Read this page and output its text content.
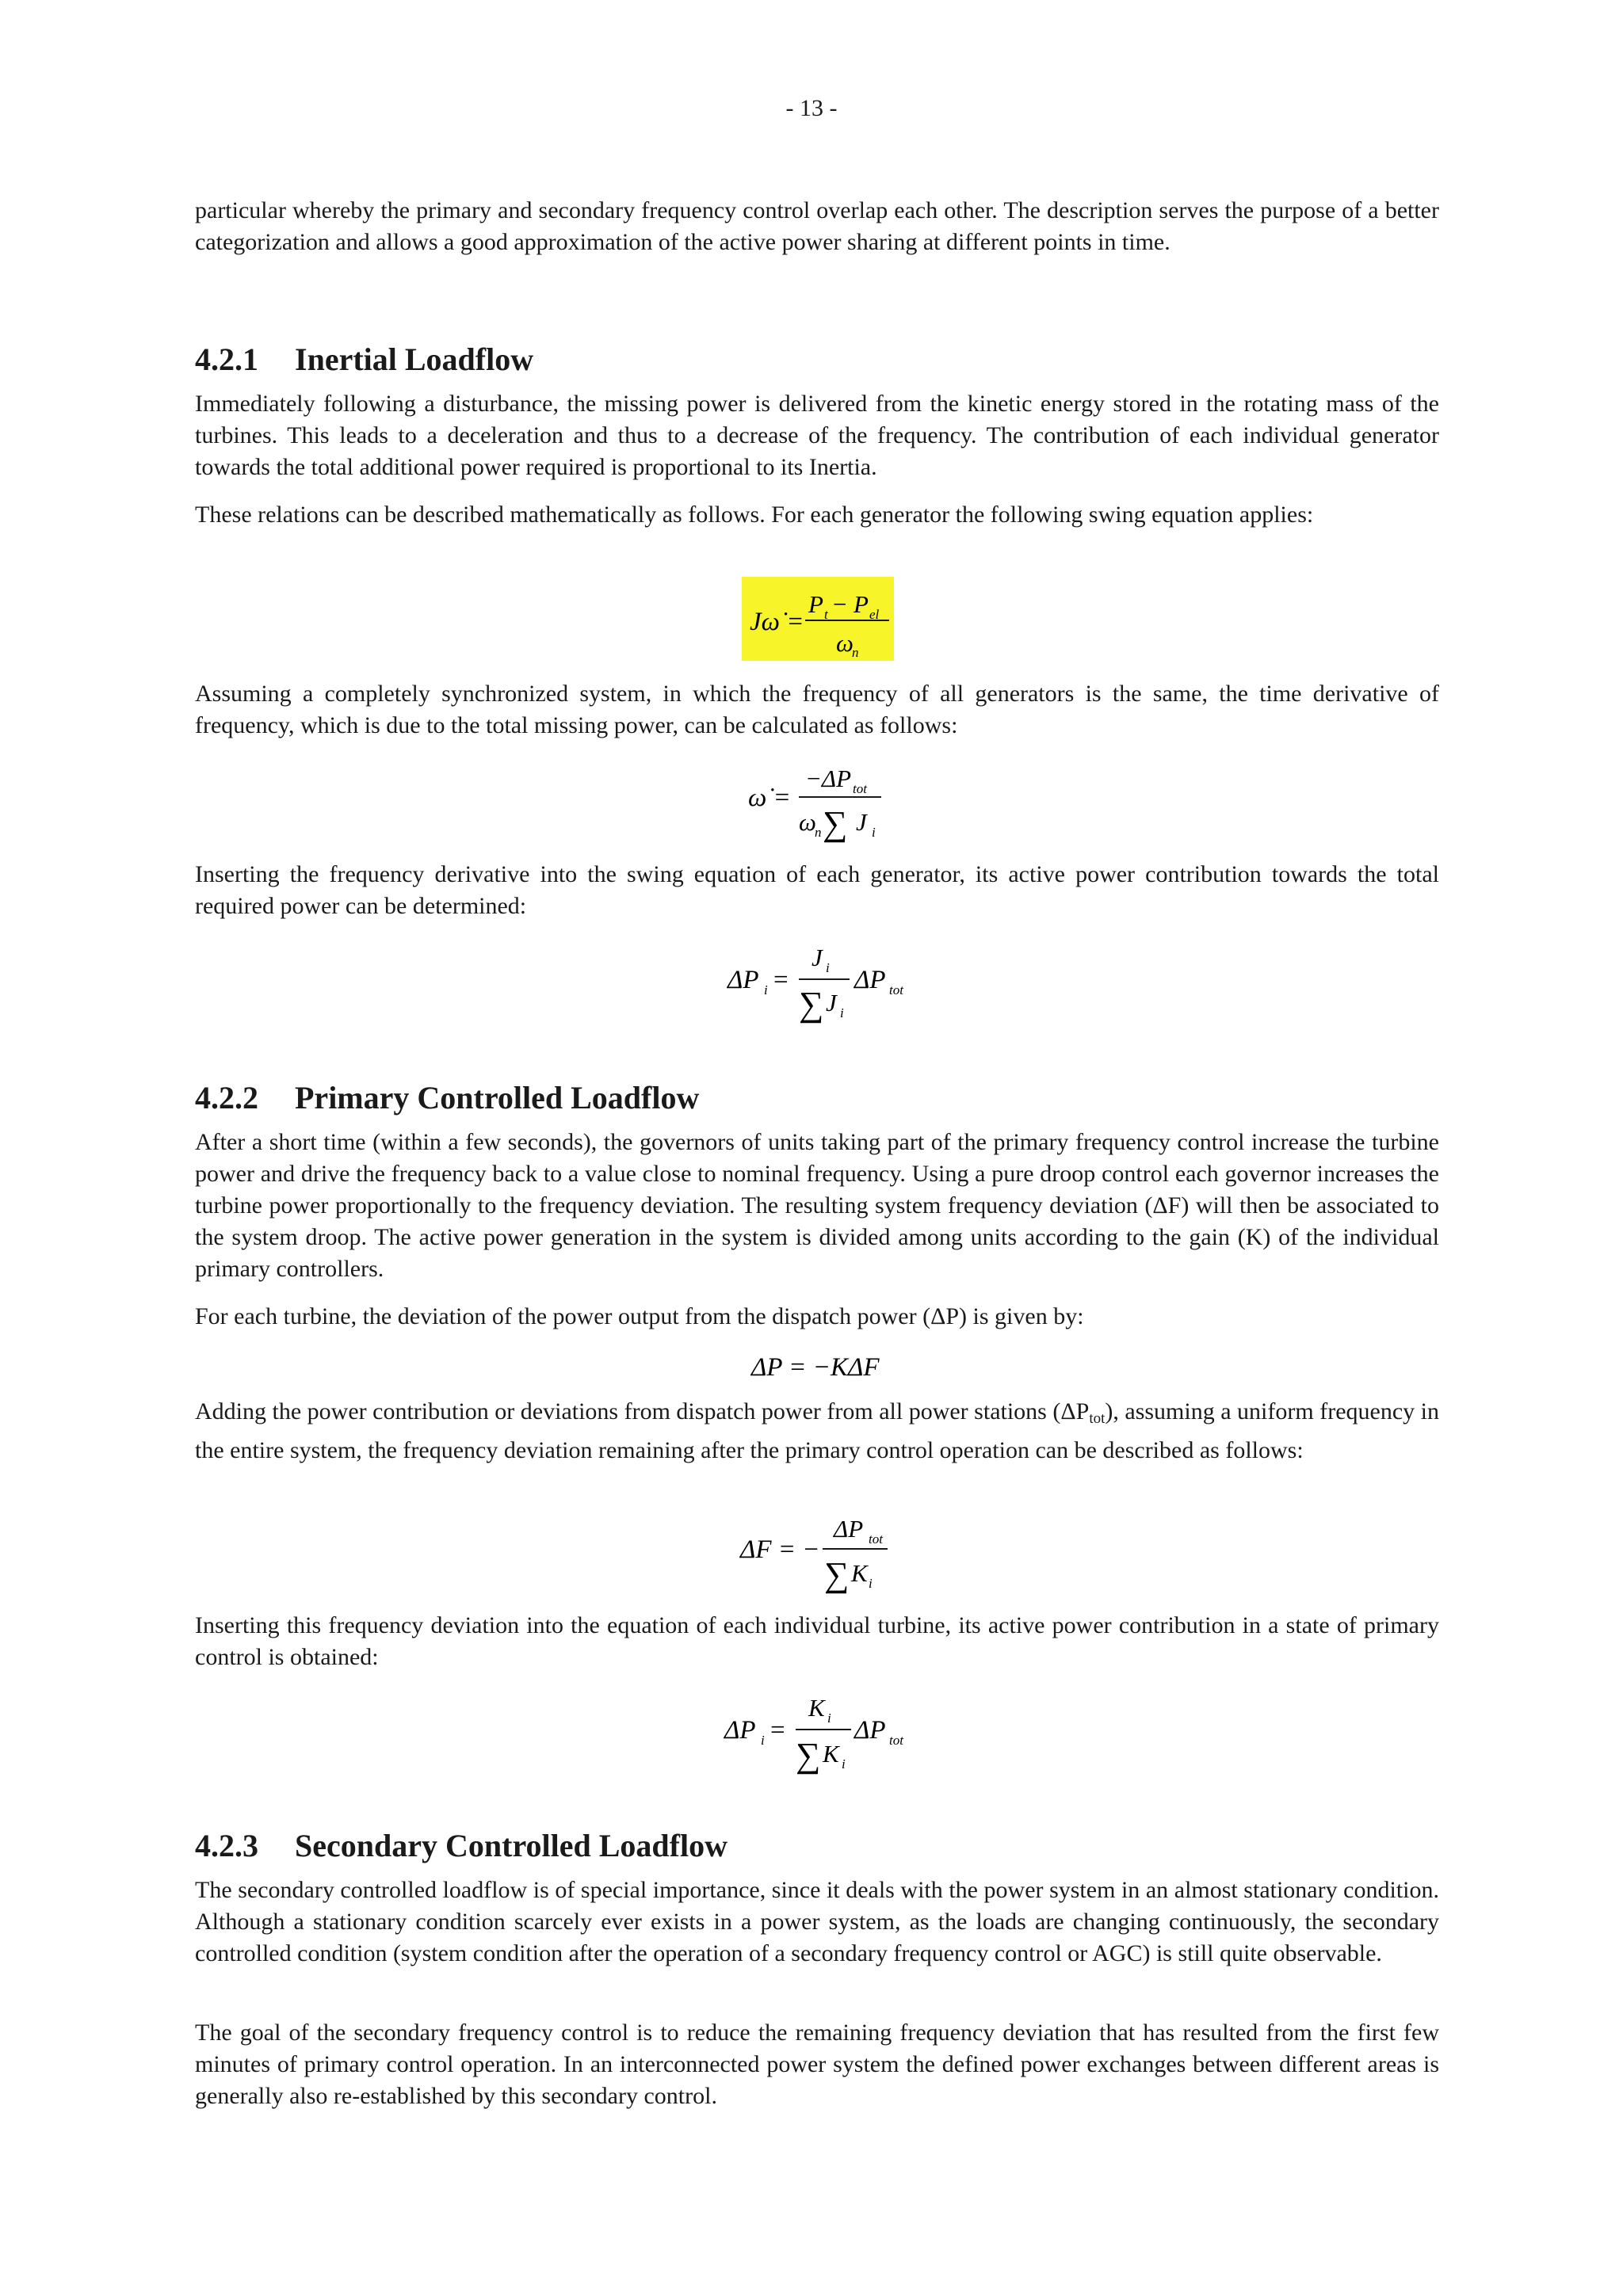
- 13 -

particular whereby the primary and secondary frequency control overlap each other. The description serves the purpose of a better categorization and allows a good approximation of the active power sharing at different points in time.

4.2.1 Inertial Loadflow

Immediately following a disturbance, the missing power is delivered from the kinetic energy stored in the rotating mass of the turbines. This leads to a deceleration and thus to a decrease of the frequency. The contribution of each individual generator towards the total additional power required is proportional to its Inertia.

These relations can be described mathematically as follows. For each generator the following swing equation applies:

Jω̇ =
P t − P el
ω
n

Assuming a completely synchronized system, in which the frequency of all generators is the same, the time derivative of frequency, which is due to the total missing power, can be calculated as follows:

ω̇ =
−ΔP tot
ω
n ∑ J i

Inserting the frequency derivative into the swing equation of each generator, its active power contribution towards the total required power can be determined:

ΔP i =
J i
∑ J i
ΔP tot
4.2.2 Primary Controlled Loadflow

After a short time (within a few seconds), the governors of units taking part of the primary frequency control increase the turbine power and drive the frequency back to a value close to nominal frequency. Using a pure droop control each governor increases the turbine power proportionally to the frequency deviation. The resulting system frequency deviation (ΔF) will then be associated to the system droop. The active power generation in the system is divided among units according to the gain (K) of the individual primary controllers.

For each turbine, the deviation of the power output from the dispatch power (ΔP) is given by:

ΔP = −KΔF

Adding the power contribution or deviations from dispatch power from all power stations $(\Delta P_{tot})$, assuming a uniform frequency in the entire system, the frequency deviation remaining after the primary control operation can be described as follows:

ΔF = −
ΔP tot
∑ K i

Inserting this frequency deviation into the equation of each individual turbine, its active power contribution in a state of primary control is obtained:

ΔP i =
K i
∑ K i
ΔP tot
4.2.3 Secondary Controlled Loadflow

The secondary controlled loadflow is of special importance, since it deals with the power system in an almost stationary condition. Although a stationary condition scarcely ever exists in a power system, as the loads are changing continuously, the secondary controlled condition (system condition after the operation of a secondary frequency control or AGC) is still quite observable.

The goal of the secondary frequency control is to reduce the remaining frequency deviation that has resulted from the first few minutes of primary control operation. In an interconnected power system the defined power exchanges between different areas is generally also re-established by this secondary control.
